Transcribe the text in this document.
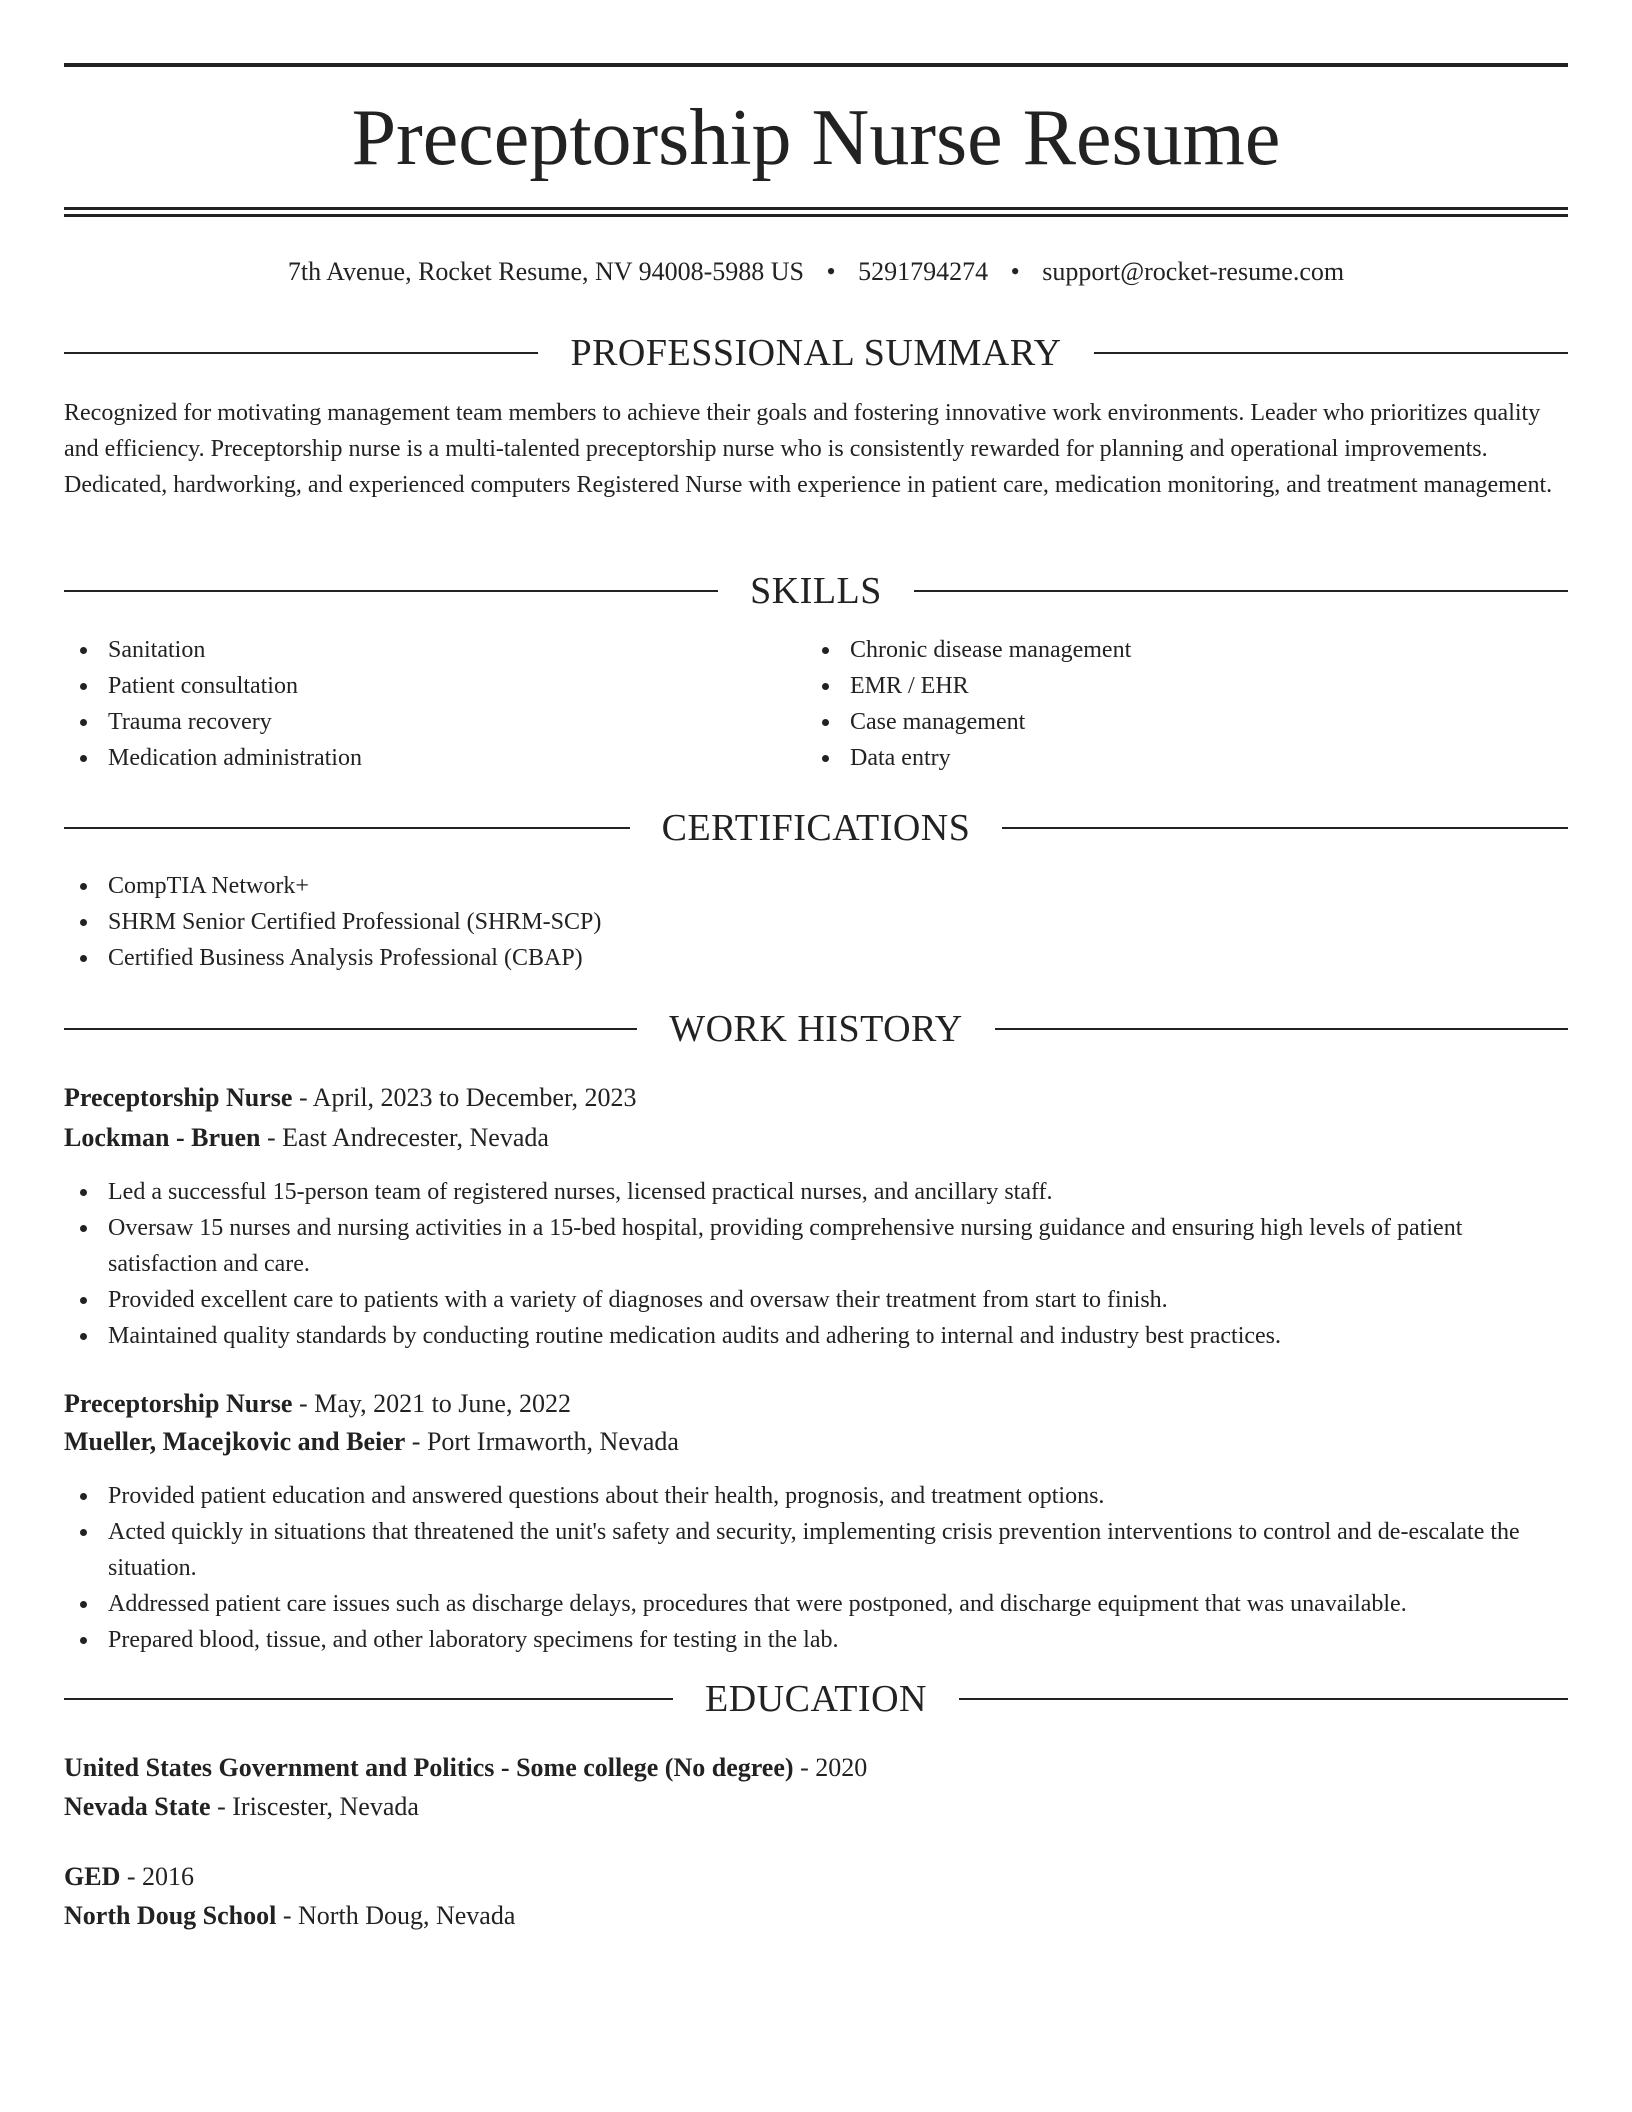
Preceptorship Nurse Resume
7th Avenue, Rocket Resume, NV 94008-5988 US • 5291794274 • support@rocket-resume.com
PROFESSIONAL SUMMARY

Recognized for motivating management team members to achieve their goals and fostering innovative work environments. Leader who prioritizes quality and efficiency. Preceptorship nurse is a multi-talented preceptorship nurse who is consistently rewarded for planning and operational improvements. Dedicated, hardworking, and experienced computers Registered Nurse with experience in patient care, medication monitoring, and treatment management.

SKILLS
Sanitation
Patient consultation
Trauma recovery
Medication administration
Chronic disease management
EMR / EHR
Case management
Data entry
CERTIFICATIONS
CompTIA Network+
SHRM Senior Certified Professional (SHRM-SCP)
Certified Business Analysis Professional (CBAP)
WORK HISTORY
Preceptorship Nurse - April, 2023 to December, 2023
Lockman - Bruen - East Andrecester, Nevada
Led a successful 15-person team of registered nurses, licensed practical nurses, and ancillary staff.
Oversaw 15 nurses and nursing activities in a 15-bed hospital, providing comprehensive nursing guidance and ensuring high levels of patient satisfaction and care.
Provided excellent care to patients with a variety of diagnoses and oversaw their treatment from start to finish.
Maintained quality standards by conducting routine medication audits and adhering to internal and industry best practices.
Preceptorship Nurse - May, 2021 to June, 2022
Mueller, Macejkovic and Beier - Port Irmaworth, Nevada
Provided patient education and answered questions about their health, prognosis, and treatment options.
Acted quickly in situations that threatened the unit's safety and security, implementing crisis prevention interventions to control and de-escalate the situation.
Addressed patient care issues such as discharge delays, procedures that were postponed, and discharge equipment that was unavailable.
Prepared blood, tissue, and other laboratory specimens for testing in the lab.
EDUCATION
United States Government and Politics - Some college (No degree) - 2020
Nevada State - Iriscester, Nevada
GED - 2016
North Doug School - North Doug, Nevada
